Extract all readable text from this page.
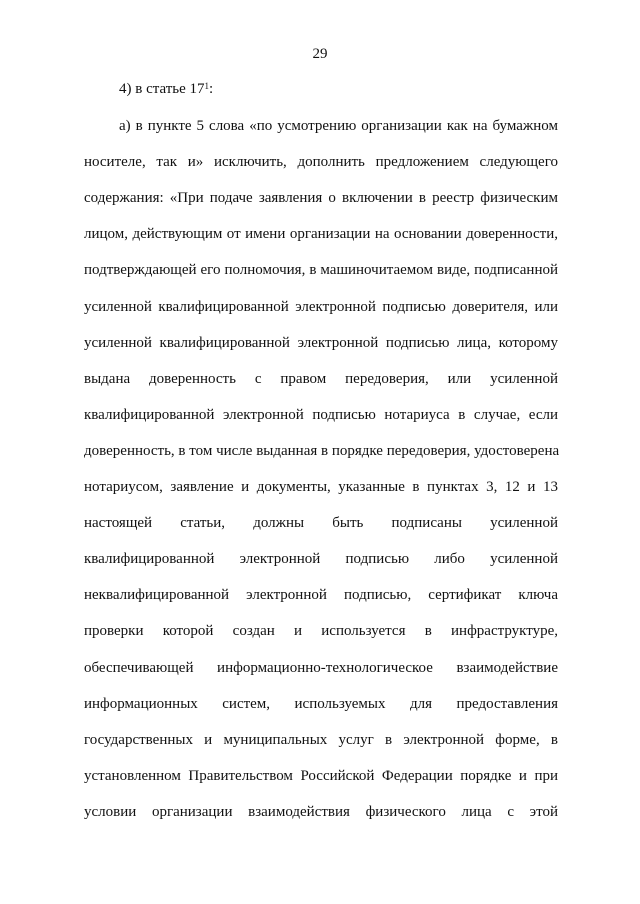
29
4) в статье $17^1$:
а) в пункте 5 слова «по усмотрению организации как на бумажном
носителе, так и» исключить, дополнить предложением следующего
содержания: «При подаче заявления о включении в реестр физическим
лицом, действующим от имени организации на основании доверенности,
подтверждающей его полномочия, в машиночитаемом виде, подписанной
усиленной квалифицированной электронной подписью доверителя, или
усиленной квалифицированной электронной подписью лица, которому
выдана доверенность с правом передоверия, или усиленной
квалифицированной электронной подписью нотариуса в случае, если
доверенность, в том числе выданная в порядке передоверия, удостоверена
нотариусом, заявление и документы, указанные в пунктах 3, 12 и 13
настоящей статьи, должны быть подписаны усиленной
квалифицированной электронной подписью либо усиленной
неквалифицированной электронной подписью, сертификат ключа
проверки которой создан и используется в инфраструктуре,
обеспечивающей информационно-технологическое взаимодействие
информационных систем, используемых для предоставления
государственных и муниципальных услуг в электронной форме, в
установленном Правительством Российской Федерации порядке и при
условии организации взаимодействия физического лица с этой
